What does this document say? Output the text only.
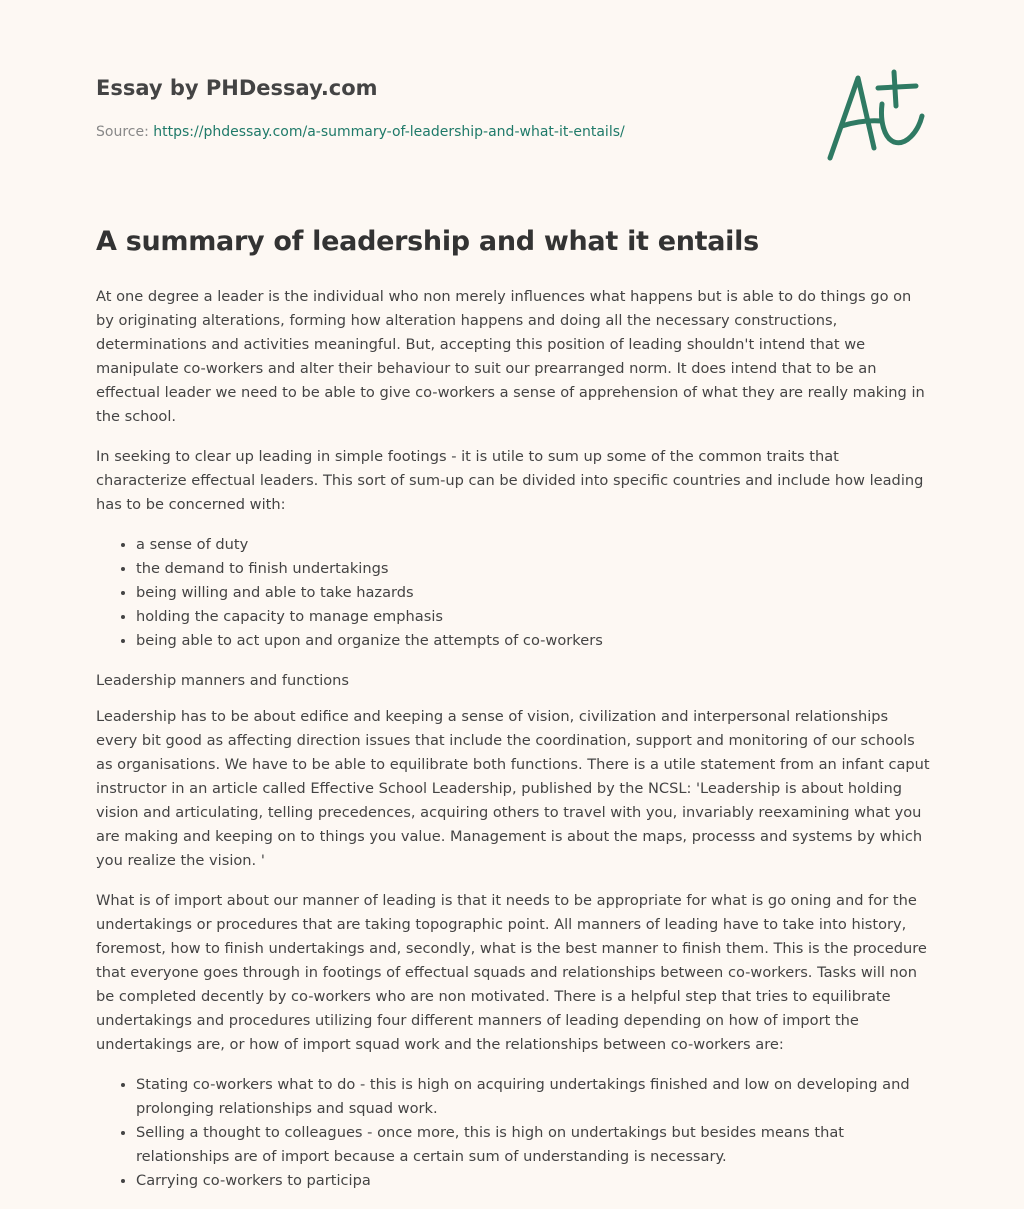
Essay by PHDessay.com
Source: https://phdessay.com/a-summary-of-leadership-and-what-it-entails/
A summary of leadership and what it entails

At one degree a leader is the individual who non merely influences what happens but is able to do things go on by originating alterations, forming how alteration happens and doing all the necessary constructions, determinations and activities meaningful. But, accepting this position of leading shouldn't intend that we manipulate co-workers and alter their behaviour to suit our prearranged norm. It does intend that to be an effectual leader we need to be able to give co-workers a sense of apprehension of what they are really making in the school.

In seeking to clear up leading in simple footings - it is utile to sum up some of the common traits that characterize effectual leaders. This sort of sum-up can be divided into specific countries and include how leading has to be concerned with:

• a sense of duty
• the demand to finish undertakings
• being willing and able to take hazards
• holding the capacity to manage emphasis
• being able to act upon and organize the attempts of co-workers

Leadership manners and functions

Leadership has to be about edifice and keeping a sense of vision, civilization and interpersonal relationships every bit good as affecting direction issues that include the coordination, support and monitoring of our schools as organisations. We have to be able to equilibrate both functions. There is a utile statement from an infant caput instructor in an article called Effective School Leadership, published by the NCSL: 'Leadership is about holding vision and articulating, telling precedences, acquiring others to travel with you, invariably reexamining what you are making and keeping on to things you value. Management is about the maps, processs and systems by which you realize the vision. '

What is of import about our manner of leading is that it needs to be appropriate for what is go oning and for the undertakings or procedures that are taking topographic point. All manners of leading have to take into history, foremost, how to finish undertakings and, secondly, what is the best manner to finish them. This is the procedure that everyone goes through in footings of effectual squads and relationships between co-workers. Tasks will non be completed decently by co-workers who are non motivated. There is a helpful step that tries to equilibrate undertakings and procedures utilizing four different manners of leading depending on how of import the undertakings are, or how of import squad work and the relationships between co-workers are:

• Stating co-workers what to do - this is high on acquiring undertakings finished and low on developing and prolonging relationships and squad work.
• Selling a thought to colleagues - once more, this is high on undertakings but besides means that relationships are of import because a certain sum of understanding is necessary.
• Carrying co-workers to participa
